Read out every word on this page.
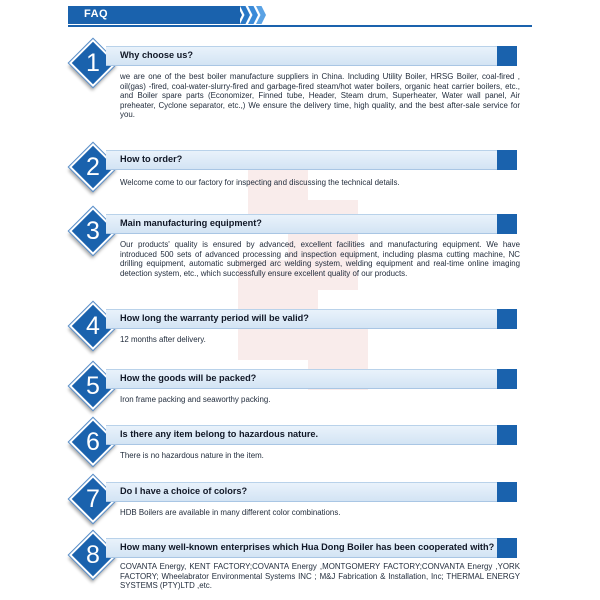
FAQ
1	Why choose us?
we are one of the best boiler manufacture suppliers in China. Including Utility Boiler, HRSG Boiler, coal-fired , oil(gas) -fired, coal-water-slurry-fired and garbage-fired steam/hot water boilers, organic heat carrier boilers, etc., and Boiler spare parts (Economizer, Finned tube, Header, Steam drum, Superheater, Water wall panel, Air preheater, Cyclone separator, etc.,) We ensure the delivery time, high quality, and the best after-sale service for you.
2	How to order?
Welcome come to our factory for inspecting and discussing the technical details.
3	Main manufacturing equipment?
Our products' quality is ensured by advanced, excellent facilities and manufacturing equipment. We have introduced 500 sets of advanced processing and inspection equipment, including plasma cutting machine, NC drilling equipment, automatic submerged arc welding system, welding equipment and real-time online imaging detection system, etc., which successfully ensure excellent quality of our products.
4	How long the warranty period will be valid?
12 months after delivery.
5	How the goods will be packed?
Iron frame packing and seaworthy packing.
6	Is there any item belong to hazardous nature.
There is no hazardous nature in the item.
7	Do I have a choice of colors?
HDB Boilers are available in many different color combinations.
8	How many well-known enterprises which Hua Dong Boiler has been cooperated with?
COVANTA Energy, KENT FACTORY;COVANTA Energy ,MONTGOMERY FACTORY;CONVANTA Energy ,YORK FACTORY; Wheelabrator Environmental Systems INC ; M&J Fabrication & Installation, Inc; THERMAL ENERGY SYSTEMS (PTY)LTD ,etc.
